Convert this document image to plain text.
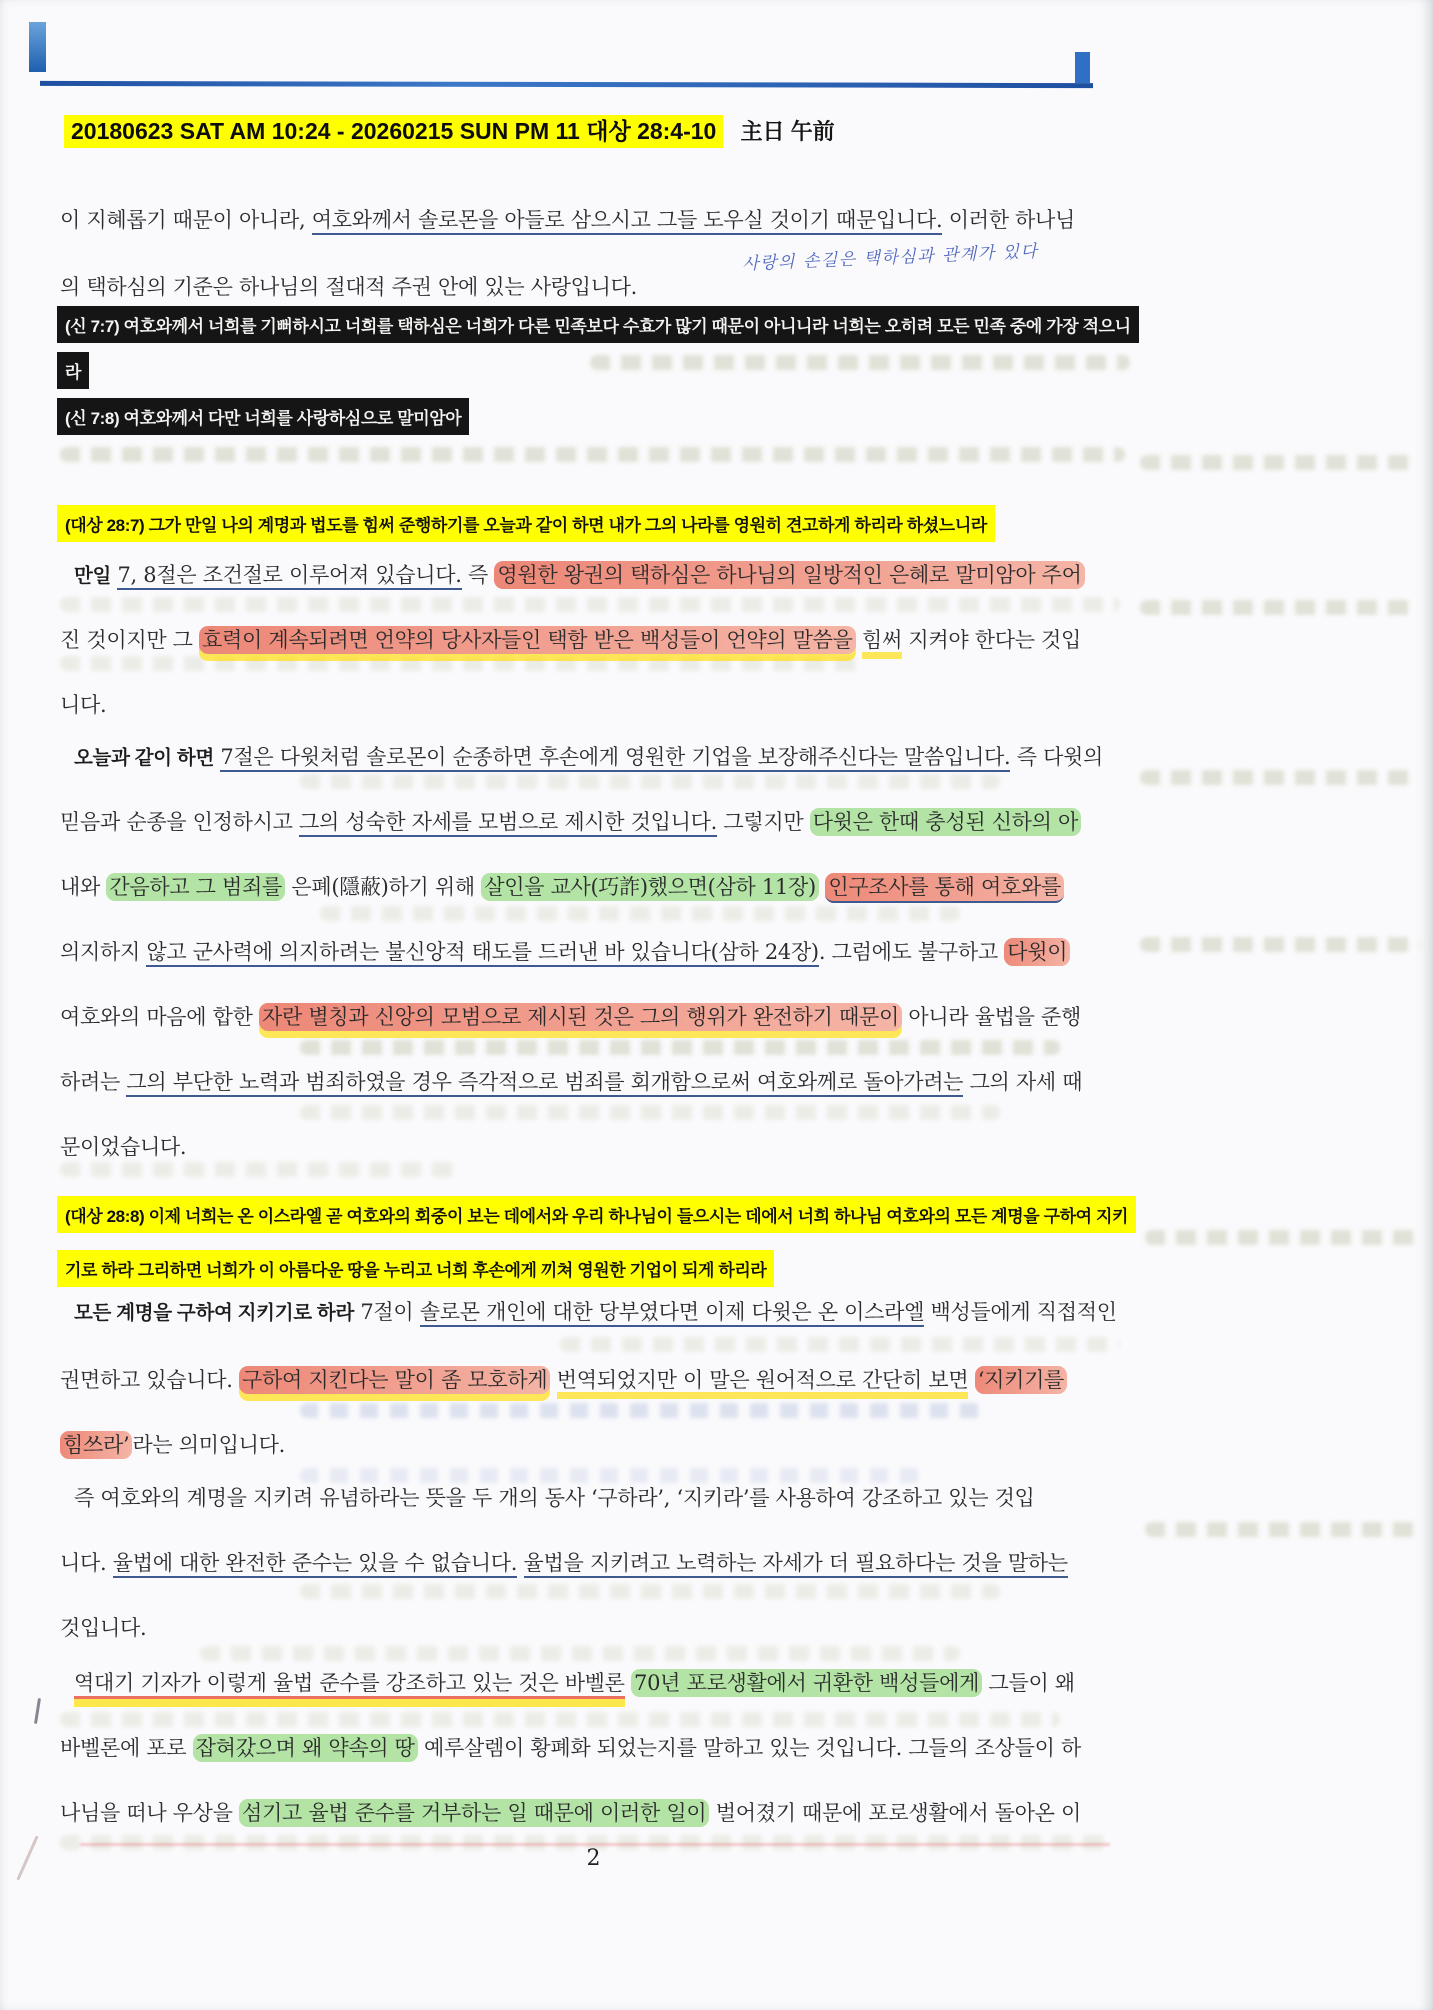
20180623 SAT AM 10:24 - 20260215 SUN PM 11 대상 28:4-10 主日 午前
이 지혜롭기 때문이 아니라, 여호와께서 솔로몬을 아들로 삼으시고 그들 도우실 것이기 때문입니다. 이러한 하나님
사랑의 손길은 택하심과 관계가 있다
의 택하심의 기준은 하나님의 절대적 주권 안에 있는 사랑입니다.
(신 7:7) 여호와께서 너희를 기뻐하시고 너희를 택하심은 너희가 다른 민족보다 수효가 많기 때문이 아니니라 너희는 오히려 모든 민족 중에 가장 적으니
라
(신 7:8) 여호와께서 다만 너희를 사랑하심으로 말미암아
(대상 28:7) 그가 만일 나의 계명과 법도를 힘써 준행하기를 오늘과 같이 하면 내가 그의 나라를 영원히 견고하게 하리라 하셨느니라
만일 7, 8절은 조건절로 이루어져 있습니다. 즉 영원한 왕권의 택하심은 하나님의 일방적인 은혜로 말미암아 주어
진 것이지만 그 효력이 계속되려면 언약의 당사자들인 택함 받은 백성들이 언약의 말씀을 힘써 지켜야 한다는 것입
니다.
오늘과 같이 하면 7절은 다윗처럼 솔로몬이 순종하면 후손에게 영원한 기업을 보장해주신다는 말씀입니다. 즉 다윗의
믿음과 순종을 인정하시고 그의 성숙한 자세를 모범으로 제시한 것입니다. 그렇지만 다윗은 한때 충성된 신하의 아
내와 간음하고 그 범죄를 은폐(隱蔽)하기 위해 살인을 교사(巧詐)했으면(삼하 11장) 인구조사를 통해 여호와를
의지하지 않고 군사력에 의지하려는 불신앙적 태도를 드러낸 바 있습니다(삼하 24장). 그럼에도 불구하고 다윗이
여호와의 마음에 합한 자란 별칭과 신앙의 모범으로 제시된 것은 그의 행위가 완전하기 때문이 아니라 율법을 준행
하려는 그의 부단한 노력과 범죄하였을 경우 즉각적으로 범죄를 회개함으로써 여호와께로 돌아가려는 그의 자세 때
문이었습니다.
(대상 28:8) 이제 너희는 온 이스라엘 곧 여호와의 회중이 보는 데에서와 우리 하나님이 들으시는 데에서 너희 하나님 여호와의 모든 계명을 구하여 지키
기로 하라 그리하면 너희가 이 아름다운 땅을 누리고 너희 후손에게 끼쳐 영원한 기업이 되게 하리라
모든 계명을 구하여 지키기로 하라 7절이 솔로몬 개인에 대한 당부였다면 이제 다윗은 온 이스라엘 백성들에게 직접적인
권면하고 있습니다. 구하여 지킨다는 말이 좀 모호하게 번역되었지만 이 말은 원어적으로 간단히 보면 ‘지키기를
힘쓰라’ 라는 의미입니다.
즉 여호와의 계명을 지키려 유념하라는 뜻을 두 개의 동사 ‘구하라’, ‘지키라’를 사용하여 강조하고 있는 것입
니다. 율법에 대한 완전한 준수는 있을 수 없습니다. 율법을 지키려고 노력하는 자세가 더 필요하다는 것을 말하는
것입니다.
역대기 기자가 이렇게 율법 준수를 강조하고 있는 것은 바벨론 70년 포로생활에서 귀환한 백성들에게 그들이 왜
바벨론에 포로 잡혀갔으며 왜 약속의 땅 예루살렘이 황폐화 되었는지를 말하고 있는 것입니다. 그들의 조상들이 하
나님을 떠나 우상을 섬기고 율법 준수를 거부하는 일 때문에 이러한 일이 벌어졌기 때문에 포로생활에서 돌아온 이
2
